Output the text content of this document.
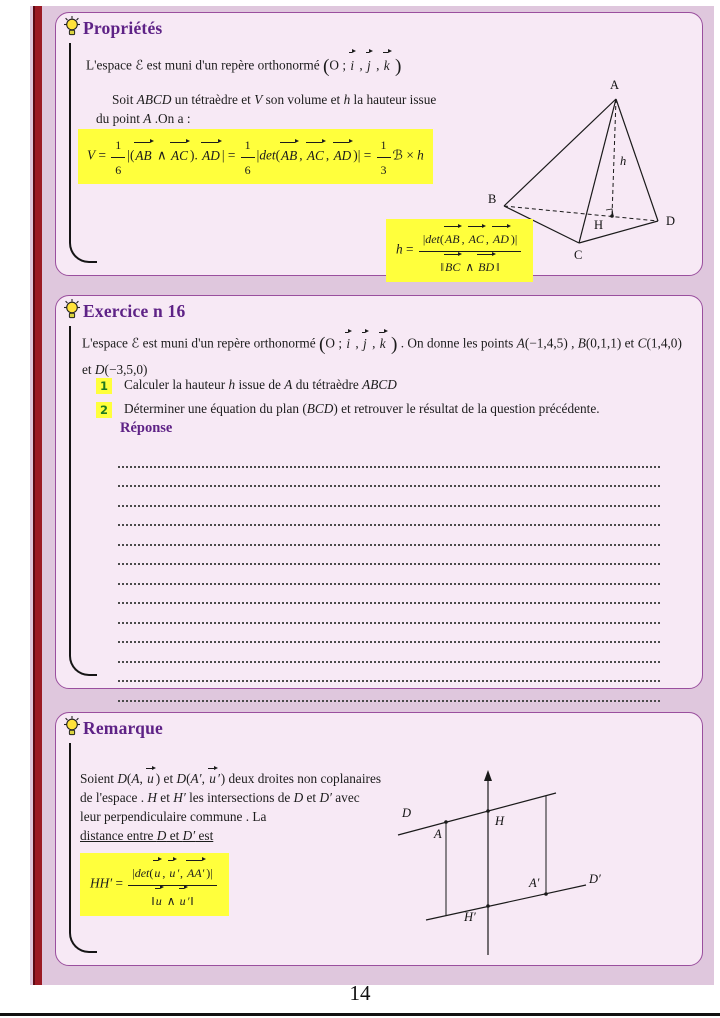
Propriétés
L'espace ℰ est muni d'un repère orthonormé (O ; i , j , k )
Soit ABCD un tétraèdre et V son volume et h la hauteur issue du point A .On a :
$V = \frac{1}{6} |(AB$ ∧ AC ). AD | = $\frac{1}{6} |\det(AB$ , AC , AD )| = $\frac{1}{3}$ ℬ × h
A
B
C
D
H
h
$h = \frac{|\det(AB , AC , AD )|}{‖BC \wedge BD ‖}$
Exercice n 16
L'espace ℰ est muni d'un repère orthonormé (O ; i , j , k ) . On donne les points A(−1,4,5) , B(0,1,1) et C(1,4,0) et D(−3,5,0)
1	Calculer la hauteur h issue de A du tétraèdre ABCD
2	Déterminer une équation du plan (BCD) et retrouver le résultat de la question précédente.
Réponse
Remarque
Soient D(A, u ) et D(A′, u ′) deux droites non coplanaires de l'espace . H et H′ les intersections de D et D′ avec leur perpendiculaire commune . La
distance entre D et D′ est
$HH' = \frac{|\det(u , u ', AA' )|}{‖u \wedge u '‖}$
D
A
H
A′	D′
H′
14
